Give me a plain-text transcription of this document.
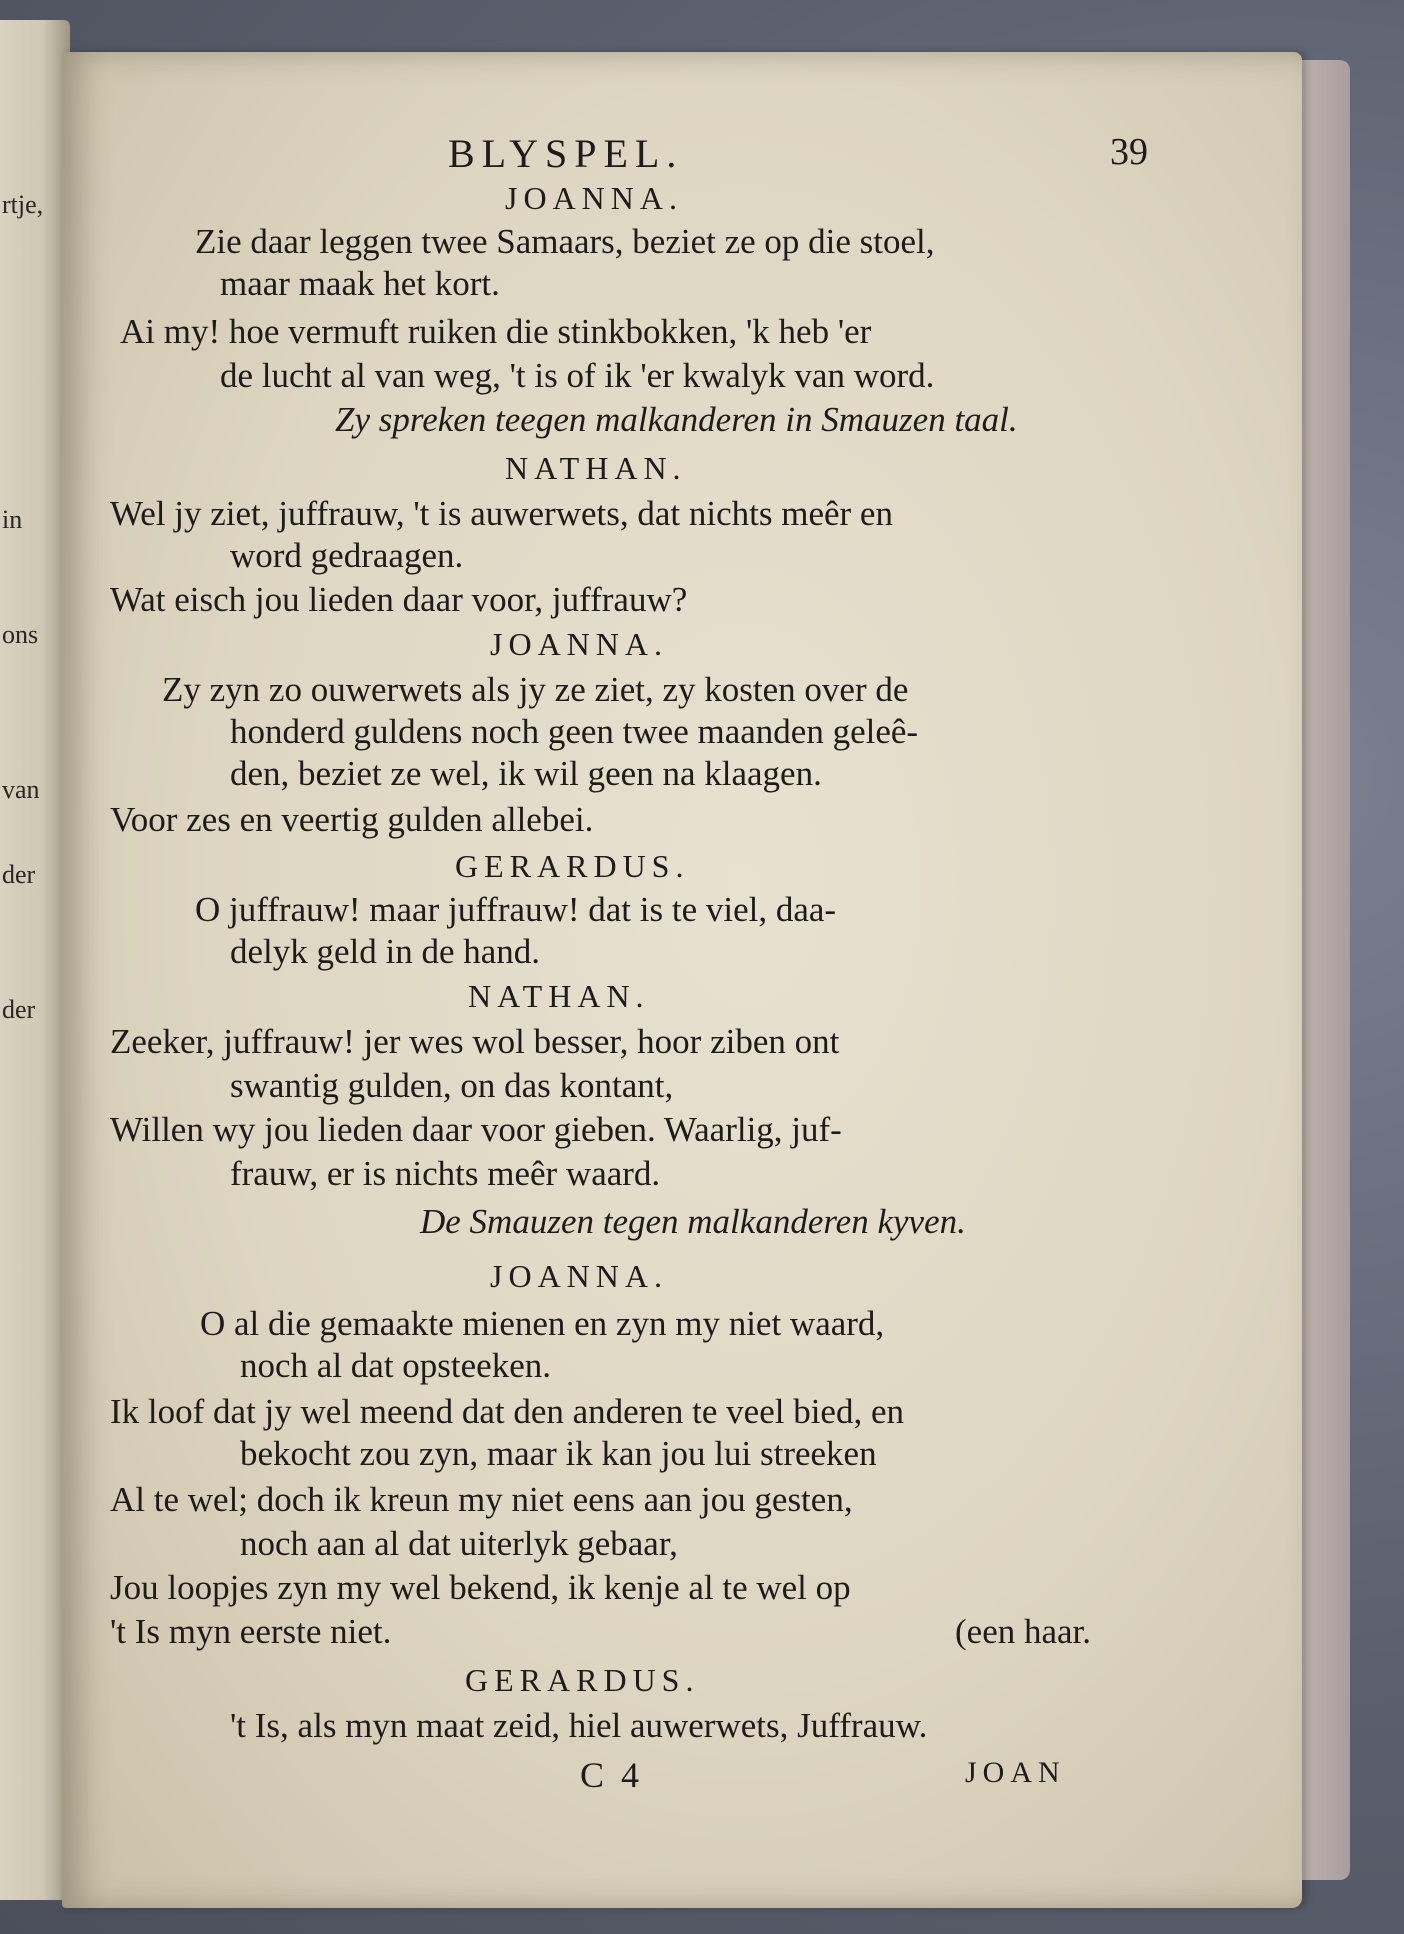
rtje,
in
ons
van
der
der
BLYSPEL.	39
JOANNA.
Zie daar leggen twee Samaars, beziet ze op die stoel,
maar maak het kort.
Ai my! hoe vermuft ruiken die stinkbokken, 'k heb 'er
de lucht al van weg, 't is of ik 'er kwalyk van word.
Zy spreken teegen malkanderen in Smauzen taal.
NATHAN.
Wel jy ziet, juffrauw, 't is auwerwets, dat nichts meêr en
word gedraagen.
Wat eisch jou lieden daar voor, juffrauw?
JOANNA.
Zy zyn zo ouwerwets als jy ze ziet, zy kosten over de
honderd guldens noch geen twee maanden geleê-
den, beziet ze wel, ik wil geen na klaagen.
Voor zes en veertig gulden allebei.
GERARDUS.
O juffrauw! maar juffrauw! dat is te viel, daa-
delyk geld in de hand.
NATHAN.
Zeeker, juffrauw! jer wes wol besser, hoor ziben ont
swantig gulden, on das kontant,
Willen wy jou lieden daar voor gieben. Waarlig, juf-
frauw, er is nichts meêr waard.
De Smauzen tegen malkanderen kyven.
JOANNA.
O al die gemaakte mienen en zyn my niet waard,
noch al dat opsteeken.
Ik loof dat jy wel meend dat den anderen te veel bied, en
bekocht zou zyn, maar ik kan jou lui streeken
Al te wel; doch ik kreun my niet eens aan jou gesten,
noch aan al dat uiterlyk gebaar,
Jou loopjes zyn my wel bekend, ik kenje al te wel op
't Is myn eerste niet.	(een haar.
GERARDUS.
't Is, als myn maat zeid, hiel auwerwets, Juffrauw.
C 4	JOAN
